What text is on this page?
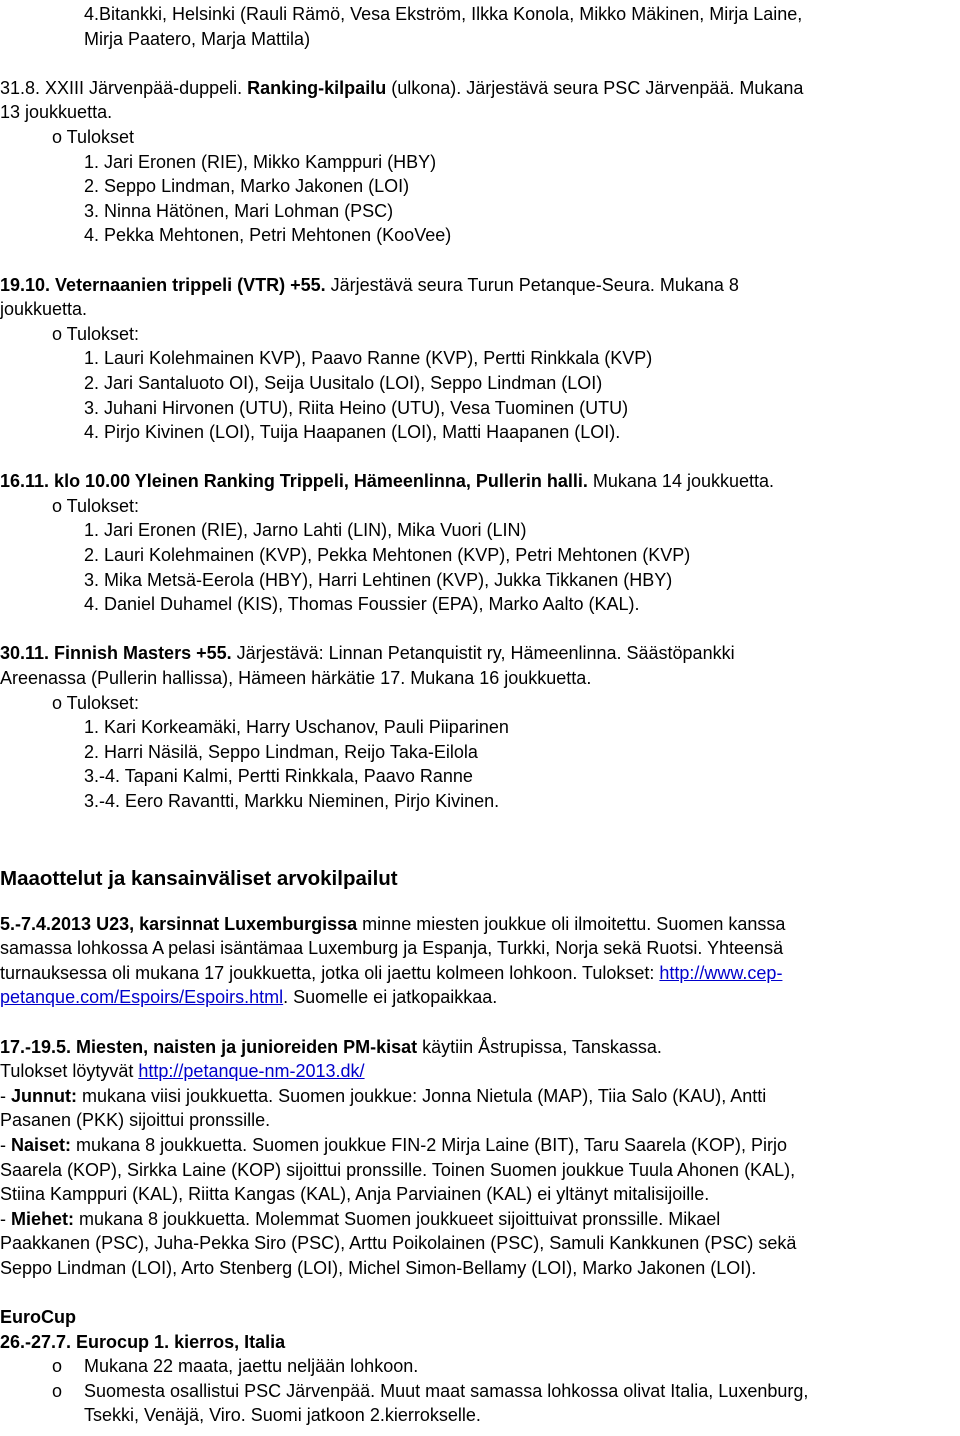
4.Bitankki, Helsinki (Rauli Rämö, Vesa Ekström, Ilkka Konola, Mikko Mäkinen, Mirja Laine,

Mirja Paatero, Marja Mattila)

31.8. XXIII Järvenpää-duppeli. Ranking-kilpailu (ulkona). Järjestävä seura PSC Järvenpää. Mukana

13 joukkuetta.

o Tulokset

1. Jari Eronen (RIE), Mikko Kamppuri (HBY)

2. Seppo Lindman, Marko Jakonen (LOI)

3. Ninna Hätönen, Mari Lohman (PSC)

4. Pekka Mehtonen, Petri Mehtonen (KooVee)

19.10. Veternaanien trippeli (VTR) +55. Järjestävä seura Turun Petanque-Seura. Mukana 8

joukkuetta.

o Tulokset:

1. Lauri Kolehmainen KVP), Paavo Ranne (KVP), Pertti Rinkkala (KVP)

2. Jari Santaluoto OI), Seija Uusitalo (LOI), Seppo Lindman (LOI)

3. Juhani Hirvonen (UTU), Riita Heino (UTU), Vesa Tuominen (UTU)

4. Pirjo Kivinen (LOI), Tuija Haapanen (LOI), Matti Haapanen (LOI).

16.11. klo 10.00 Yleinen Ranking Trippeli, Hämeenlinna, Pullerin halli. Mukana 14 joukkuetta.

o Tulokset:

1. Jari Eronen (RIE), Jarno Lahti (LIN), Mika Vuori (LIN)

2. Lauri Kolehmainen (KVP), Pekka Mehtonen (KVP), Petri Mehtonen (KVP)

3. Mika Metsä-Eerola (HBY), Harri Lehtinen (KVP), Jukka Tikkanen (HBY)

4. Daniel Duhamel (KIS), Thomas Foussier (EPA), Marko Aalto (KAL).

30.11. Finnish Masters +55. Järjestävä: Linnan Petanquistit ry, Hämeenlinna. Säästöpankki

Areenassa (Pullerin hallissa), Hämeen härkätie 17. Mukana 16 joukkuetta.

o Tulokset:

1. Kari Korkeamäki, Harry Uschanov, Pauli Piiparinen

2. Harri Näsilä, Seppo Lindman, Reijo Taka-Eilola

3.-4. Tapani Kalmi, Pertti Rinkkala, Paavo Ranne

3.-4. Eero Ravantti, Markku Nieminen, Pirjo Kivinen.

Maaottelut ja kansainväliset arvokilpailut

5.-7.4.2013 U23, karsinnat Luxemburgissa minne miesten joukkue oli ilmoitettu. Suomen kanssa

samassa lohkossa A pelasi isäntämaa Luxemburg ja Espanja, Turkki, Norja sekä Ruotsi. Yhteensä

turnauksessa oli mukana 17 joukkuetta, jotka oli jaettu kolmeen lohkoon. Tulokset: http://www.cep-

petanque.com/Espoirs/Espoirs.html. Suomelle ei jatkopaikkaa.

17.-19.5. Miesten, naisten ja junioreiden PM-kisat käytiin Åstrupissa, Tanskassa.

Tulokset löytyvät http://petanque-nm-2013.dk/

- Junnut: mukana viisi joukkuetta. Suomen joukkue: Jonna Nietula (MAP), Tiia Salo (KAU), Antti

Pasanen (PKK) sijoittui pronssille.

- Naiset: mukana 8 joukkuetta. Suomen joukkue FIN-2 Mirja Laine (BIT), Taru Saarela (KOP), Pirjo

Saarela (KOP), Sirkka Laine (KOP) sijoittui pronssille. Toinen Suomen joukkue Tuula Ahonen (KAL),

Stiina Kamppuri (KAL), Riitta Kangas (KAL), Anja Parviainen (KAL) ei yltänyt mitalisijoille.

- Miehet: mukana 8 joukkuetta. Molemmat Suomen joukkueet sijoittuivat pronssille. Mikael

Paakkanen (PSC), Juha-Pekka Siro (PSC), Arttu Poikolainen (PSC), Samuli Kankkunen (PSC) sekä

Seppo Lindman (LOI), Arto Stenberg (LOI), Michel Simon-Bellamy (LOI), Marko Jakonen (LOI).

EuroCup

26.-27.7. Eurocup 1. kierros, Italia

o	Mukana 22 maata, jaettu neljään lohkoon.
o	Suomesta osallistui PSC Järvenpää. Muut maat samassa lohkossa olivat Italia, Luxenburg,
Tsekki, Venäjä, Viro. Suomi jatkoon 2.kierrokselle.
